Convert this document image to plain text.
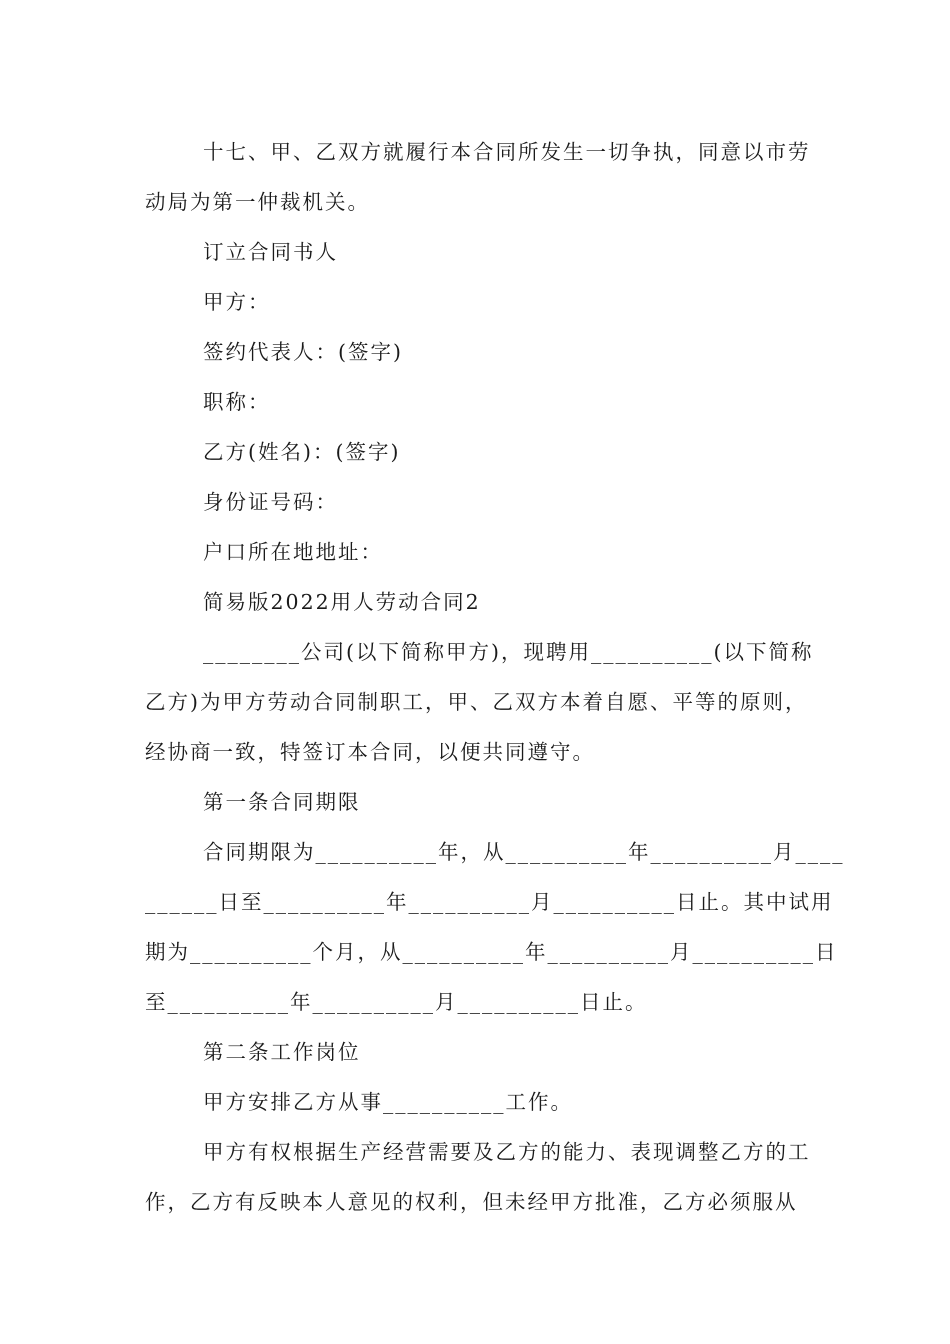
十七、甲、乙双方就履行本合同所发生一切争执，同意以市劳
动局为第一仲裁机关。
订立合同书人
甲方：
签约代表人：(签字)
职称：
乙方(姓名)：(签字)
身份证号码：
户口所在地地址：
简易版2022用人劳动合同2
________公司(以下简称甲方)，现聘用__________(以下简称
乙方)为甲方劳动合同制职工，甲、乙双方本着自愿、平等的原则，
经协商一致，特签订本合同，以便共同遵守。
第一条合同期限
合同期限为__________年，从__________年__________月____
______日至__________年__________月__________日止。其中试用
期为__________个月，从__________年__________月__________日
至__________年__________月__________日止。
第二条工作岗位
甲方安排乙方从事__________工作。
甲方有权根据生产经营需要及乙方的能力、表现调整乙方的工
作，乙方有反映本人意见的权利，但未经甲方批准，乙方必须服从
